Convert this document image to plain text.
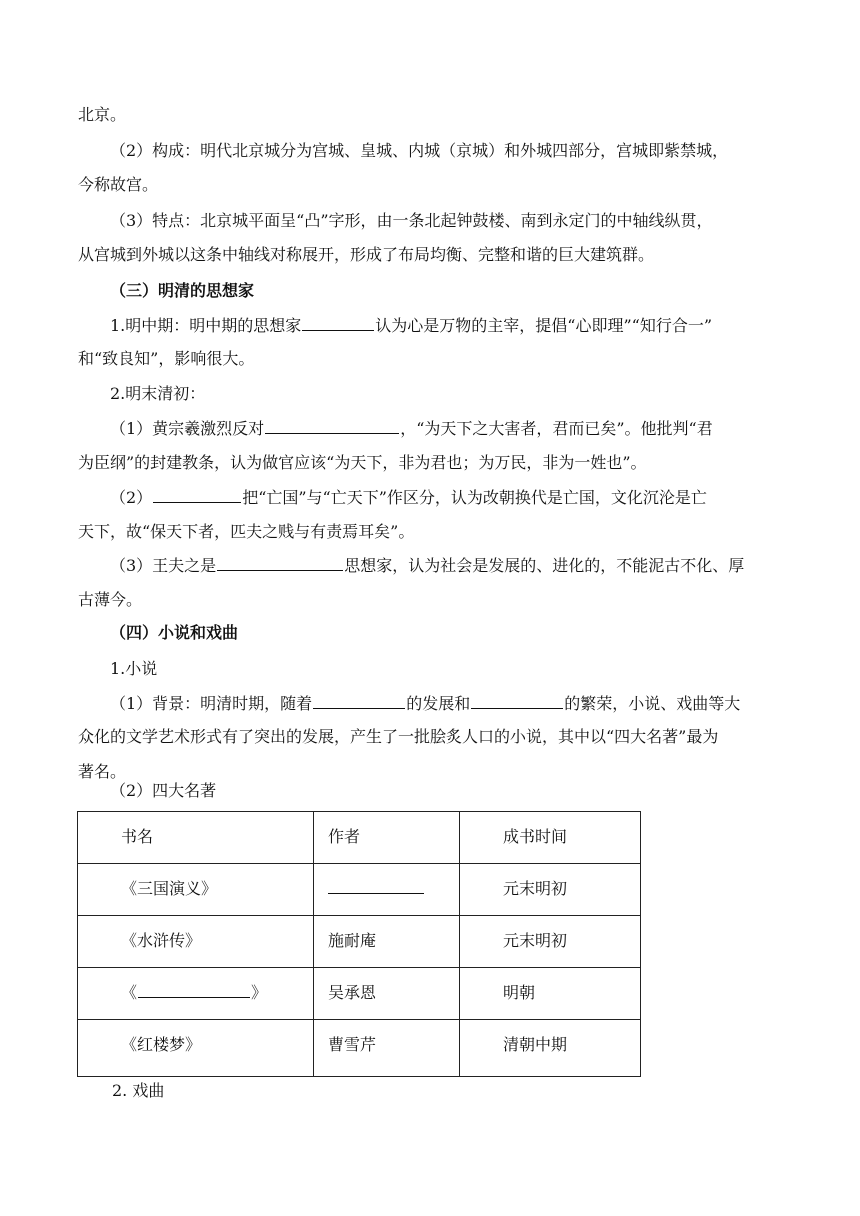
北京。
（2）构成：明代北京城分为宫城、皇城、内城（京城）和外城四部分，宫城即紫禁城，
今称故宫。
（3）特点：北京城平面呈“凸”字形，由一条北起钟鼓楼、南到永定门的中轴线纵贯，
从宫城到外城以这条中轴线对称展开，形成了布局均衡、完整和谐的巨大建筑群。
（三）明清的思想家
1.明中期：明中期的思想家	认为心是万物的主宰，提倡“心即理”“知行合一”
和“致良知”，影响很大。
2.明末清初：
（1）黄宗羲激烈反对	，“为天下之大害者，君而已矣”。他批判“君
为臣纲”的封建教条，认为做官应该“为天下，非为君也；为万民，非为一姓也”。
（2）	把“亡国”与“亡天下”作区分，认为改朝换代是亡国，文化沉沦是亡
天下，故“保天下者，匹夫之贱与有责焉耳矣”。
（3）王夫之是	思想家，认为社会是发展的、进化的，不能泥古不化、厚
古薄今。
（四）小说和戏曲
1.小说
（1）背景：明清时期，随着	的发展和	的繁荣，小说、戏曲等大
众化的文学艺术形式有了突出的发展，产生了一批脍炙人口的小说，其中以“四大名著”最为
著名。
（2）四大名著
书名	作者	成书时间

《三国演义》		元末明初

《水浒传》	施耐庵	元末明初

《 》	吴承恩	明朝

《红楼梦》	曹雪芹	清朝中期
2. 戏曲
